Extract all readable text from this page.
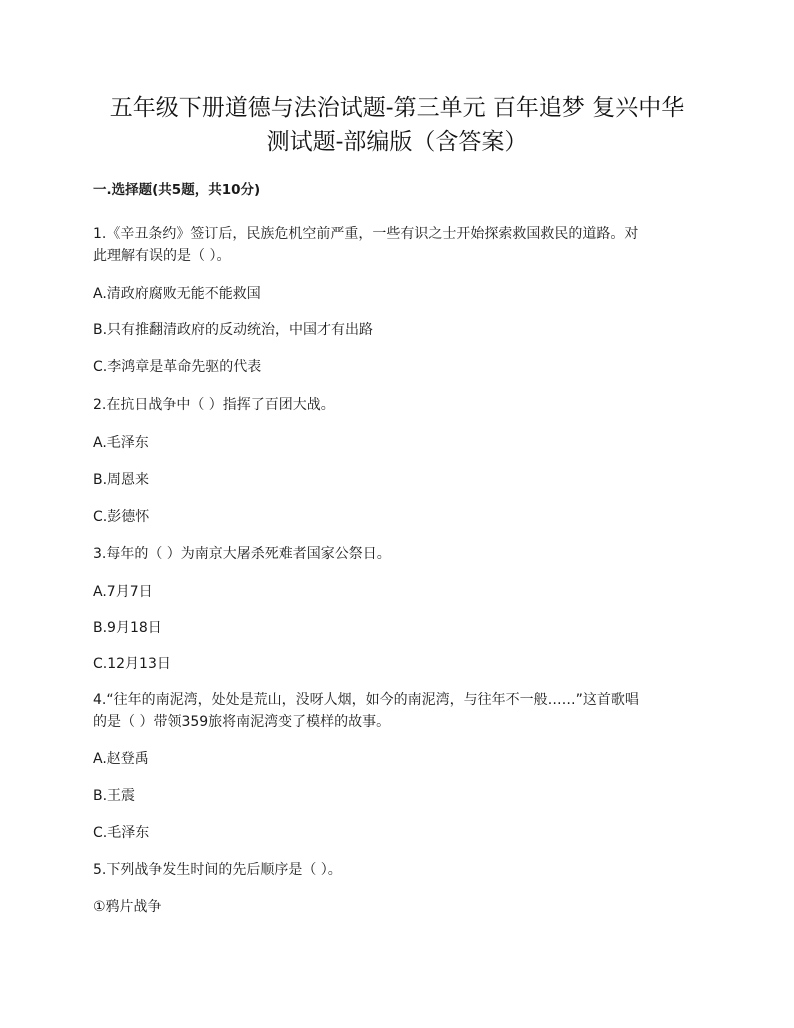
五年级下册道德与法治试题-第三单元 百年追梦 复兴中华
测试题-部编版（含答案）

一.选择题(共5题，共10分)

1.《辛丑条约》签订后，民族危机空前严重，一些有识之士开始探索救国救民的道路。对

此理解有误的是（ ）。

A.清政府腐败无能不能救国

B.只有推翻清政府的反动统治，中国才有出路

C.李鸿章是革命先驱的代表

2.在抗日战争中（ ）指挥了百团大战。

A.毛泽东

B.周恩来

C.彭德怀

3.每年的（ ）为南京大屠杀死难者国家公祭日。

A.7月7日

B.9月18日

C.12月13日

4.“往年的南泥湾，处处是荒山，没呀人烟，如今的南泥湾，与往年不一般……”这首歌唱

的是（ ）带领359旅将南泥湾变了模样的故事。

A.赵登禹

B.王震

C.毛泽东

5.下列战争发生时间的先后顺序是（ ）。

①鸦片战争
